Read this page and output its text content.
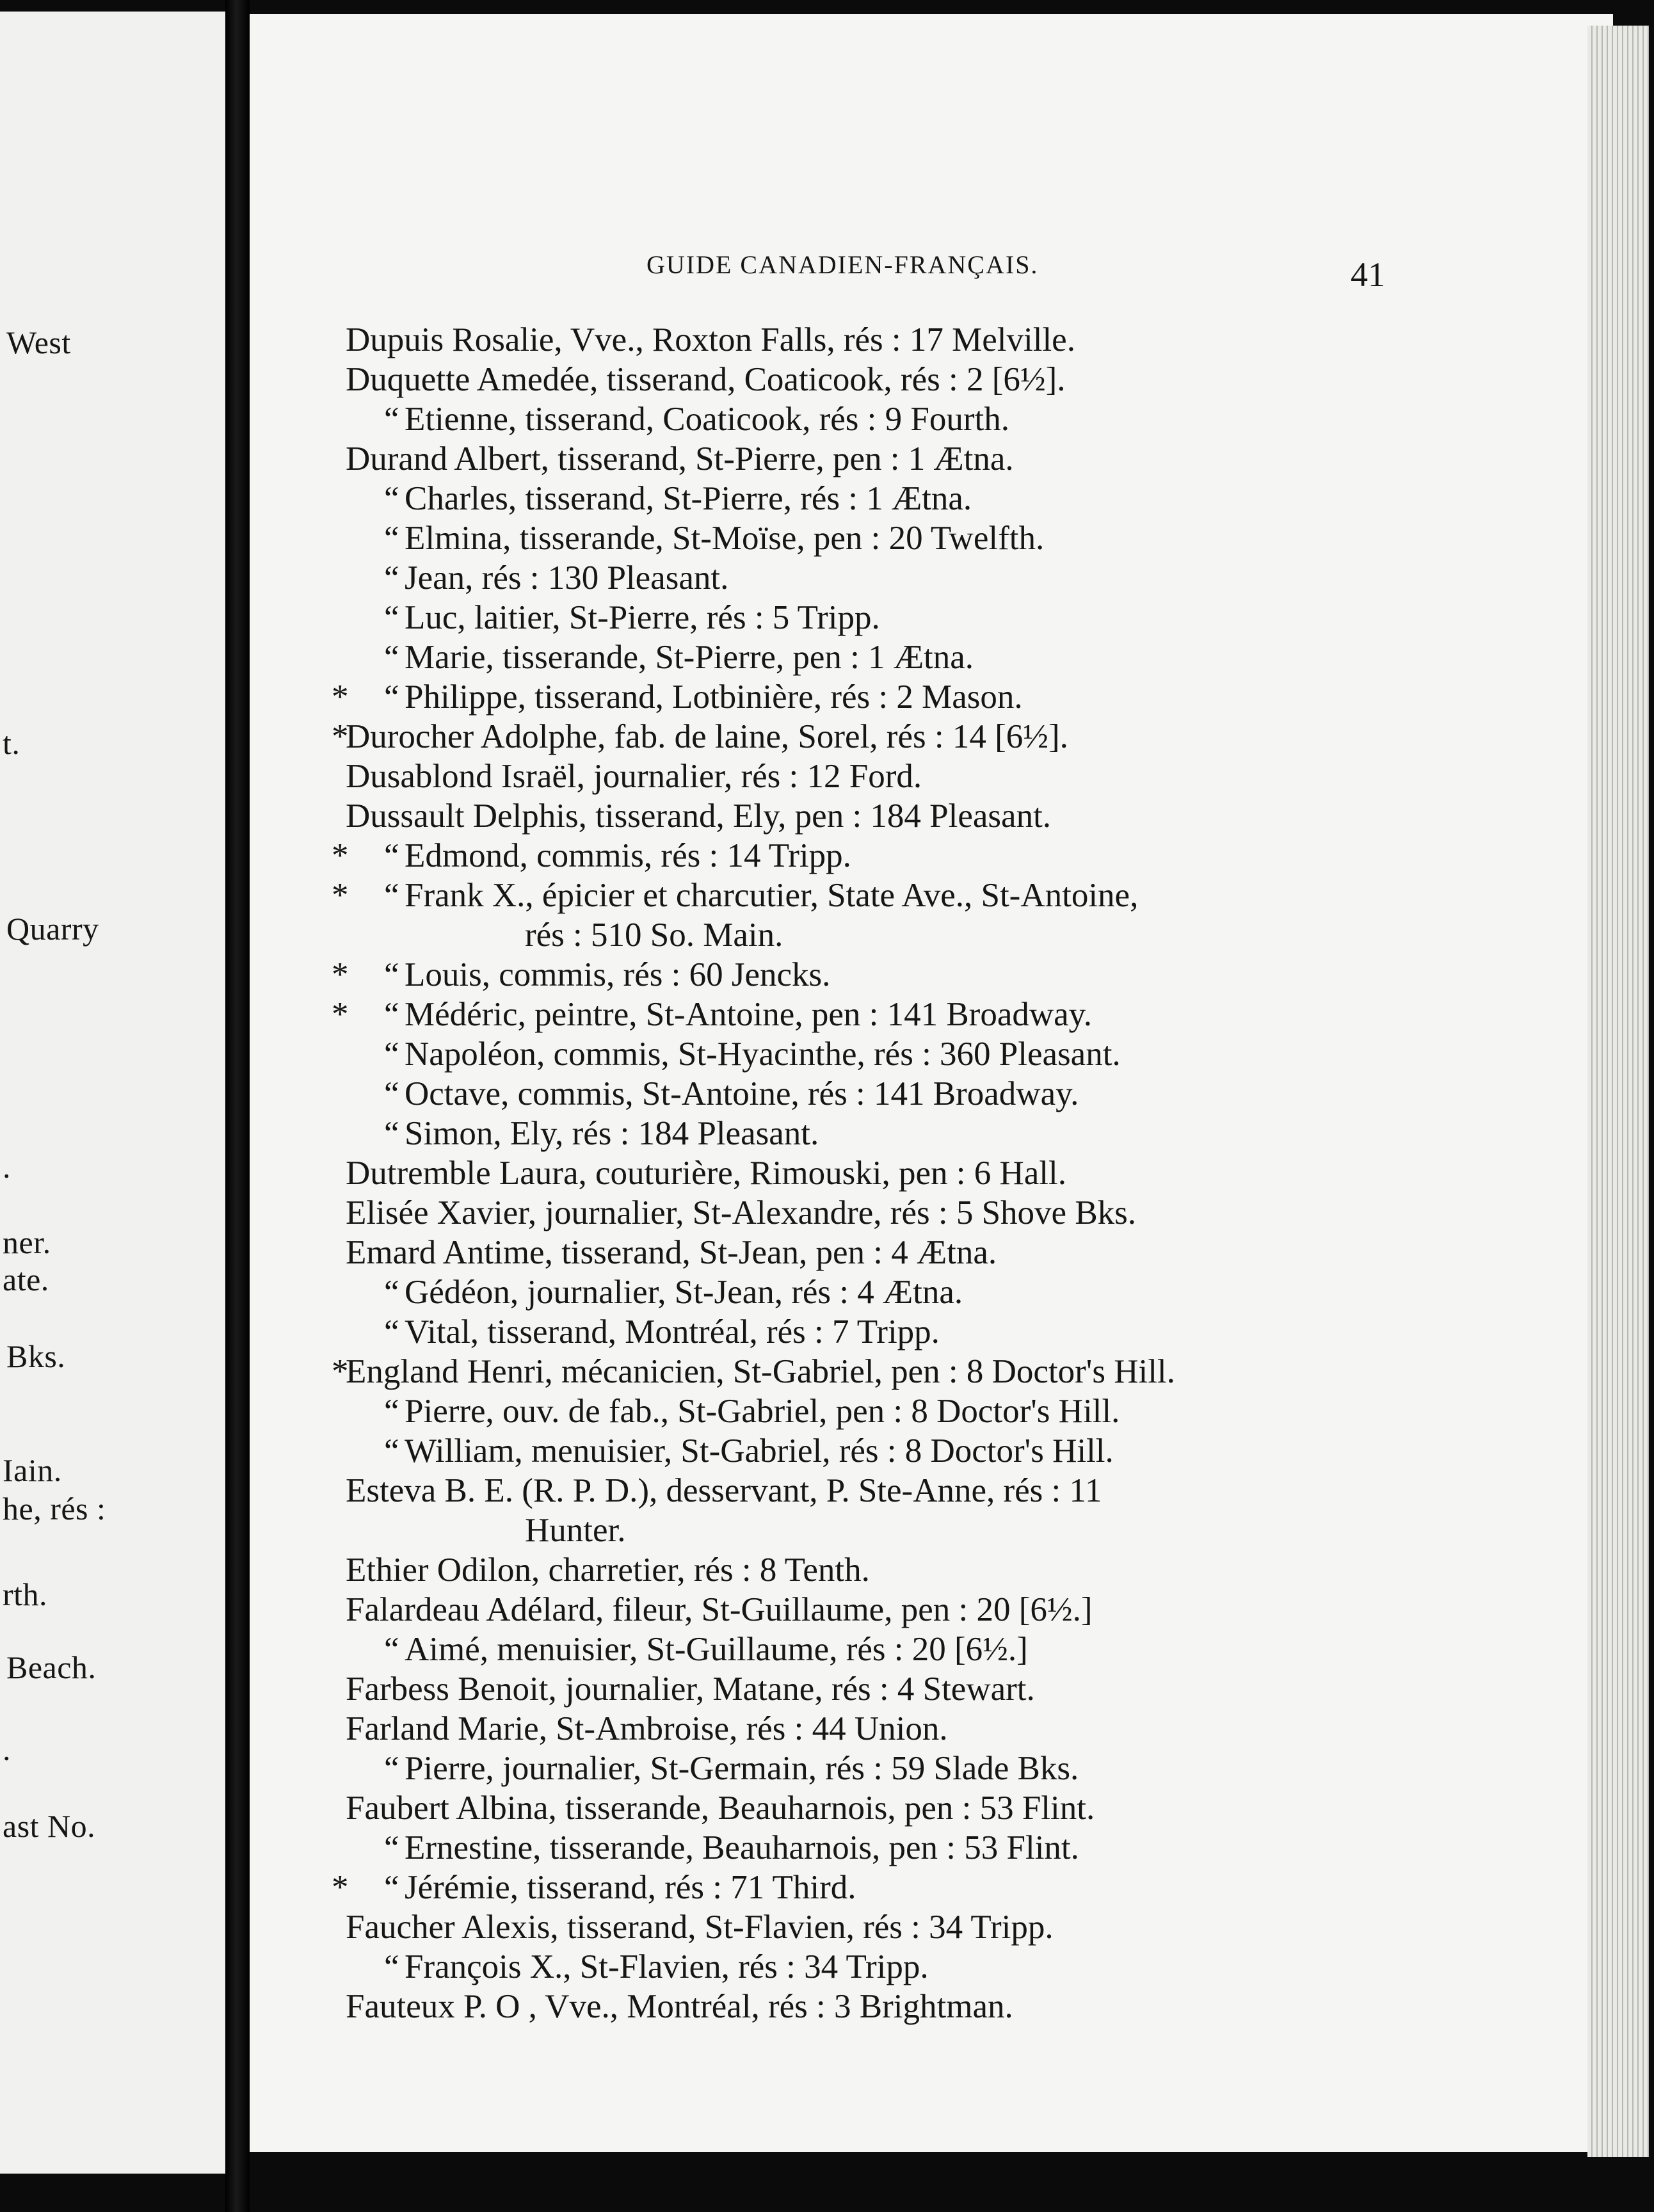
West
t.
Quarry
.
ner.
ate.
Bks.
Iain.
he, rés :
rth.
Beach.
.
ast No.
GUIDE CANADIEN-FRANÇAIS.	41
Dupuis Rosalie, Vve., Roxton Falls, rés : 17 Melville.
Duquette Amedée, tisserand, Coaticook, rés : 2 [6½].
“ Etienne, tisserand, Coaticook, rés : 9 Fourth.
Durand Albert, tisserand, St-Pierre, pen : 1 Ætna.
“ Charles, tisserand, St-Pierre, rés : 1 Ætna.
“ Elmina, tisserande, St-Moïse, pen : 20 Twelfth.
“ Jean, rés : 130 Pleasant.
“ Luc, laitier, St-Pierre, rés : 5 Tripp.
“ Marie, tisserande, St-Pierre, pen : 1 Ætna.
* “ Philippe, tisserand, Lotbinière, rés : 2 Mason.
*
Durocher Adolphe, fab. de laine, Sorel, rés : 14 [6½].
Dusablond Israël, journalier, rés : 12 Ford.
Dussault Delphis, tisserand, Ely, pen : 184 Pleasant.
* “ Edmond, commis, rés : 14 Tripp.
* “ Frank X., épicier et charcutier, State Ave., St-Antoine,
rés : 510 So. Main.
* “ Louis, commis, rés : 60 Jencks.
* “ Médéric, peintre, St-Antoine, pen : 141 Broadway.
“ Napoléon, commis, St-Hyacinthe, rés : 360 Pleasant.
“ Octave, commis, St-Antoine, rés : 141 Broadway.
“ Simon, Ely, rés : 184 Pleasant.
Dutremble Laura, couturière, Rimouski, pen : 6 Hall.
Elisée Xavier, journalier, St-Alexandre, rés : 5 Shove Bks.
Emard Antime, tisserand, St-Jean, pen : 4 Ætna.
“ Gédéon, journalier, St-Jean, rés : 4 Ætna.
“ Vital, tisserand, Montréal, rés : 7 Tripp.
*
England Henri, mécanicien, St-Gabriel, pen : 8 Doctor's Hill.
“ Pierre, ouv. de fab., St-Gabriel, pen : 8 Doctor's Hill.
“ William, menuisier, St-Gabriel, rés : 8 Doctor's Hill.
Esteva B. E. (R. P. D.), desservant, P. Ste-Anne, rés : 11
Hunter.
Ethier Odilon, charretier, rés : 8 Tenth.
Falardeau Adélard, fileur, St-Guillaume, pen : 20 [6½.]
“ Aimé, menuisier, St-Guillaume, rés : 20 [6½.]
Farbess Benoit, journalier, Matane, rés : 4 Stewart.
Farland Marie, St-Ambroise, rés : 44 Union.
“ Pierre, journalier, St-Germain, rés : 59 Slade Bks.
Faubert Albina, tisserande, Beauharnois, pen : 53 Flint.
“ Ernestine, tisserande, Beauharnois, pen : 53 Flint.
* “ Jérémie, tisserand, rés : 71 Third.
Faucher Alexis, tisserand, St-Flavien, rés : 34 Tripp.
“ François X., St-Flavien, rés : 34 Tripp.
Fauteux P. O , Vve., Montréal, rés : 3 Brightman.
